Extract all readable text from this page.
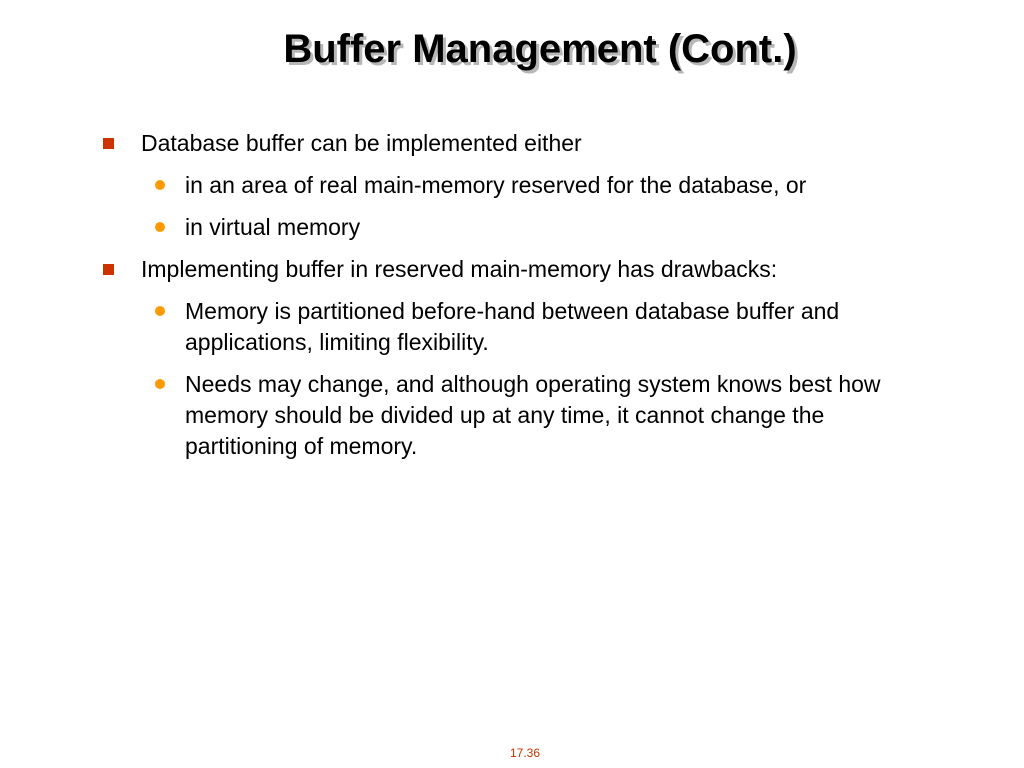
Buffer Management (Cont.)
Database buffer can be implemented either
in an area of real main-memory reserved for the database, or
in virtual memory
Implementing buffer in reserved main-memory has drawbacks:
Memory is partitioned before-hand between database buffer and applications, limiting flexibility.
Needs may change, and although operating system knows best how memory should be divided up at any time, it cannot change the partitioning of memory.
17.36
